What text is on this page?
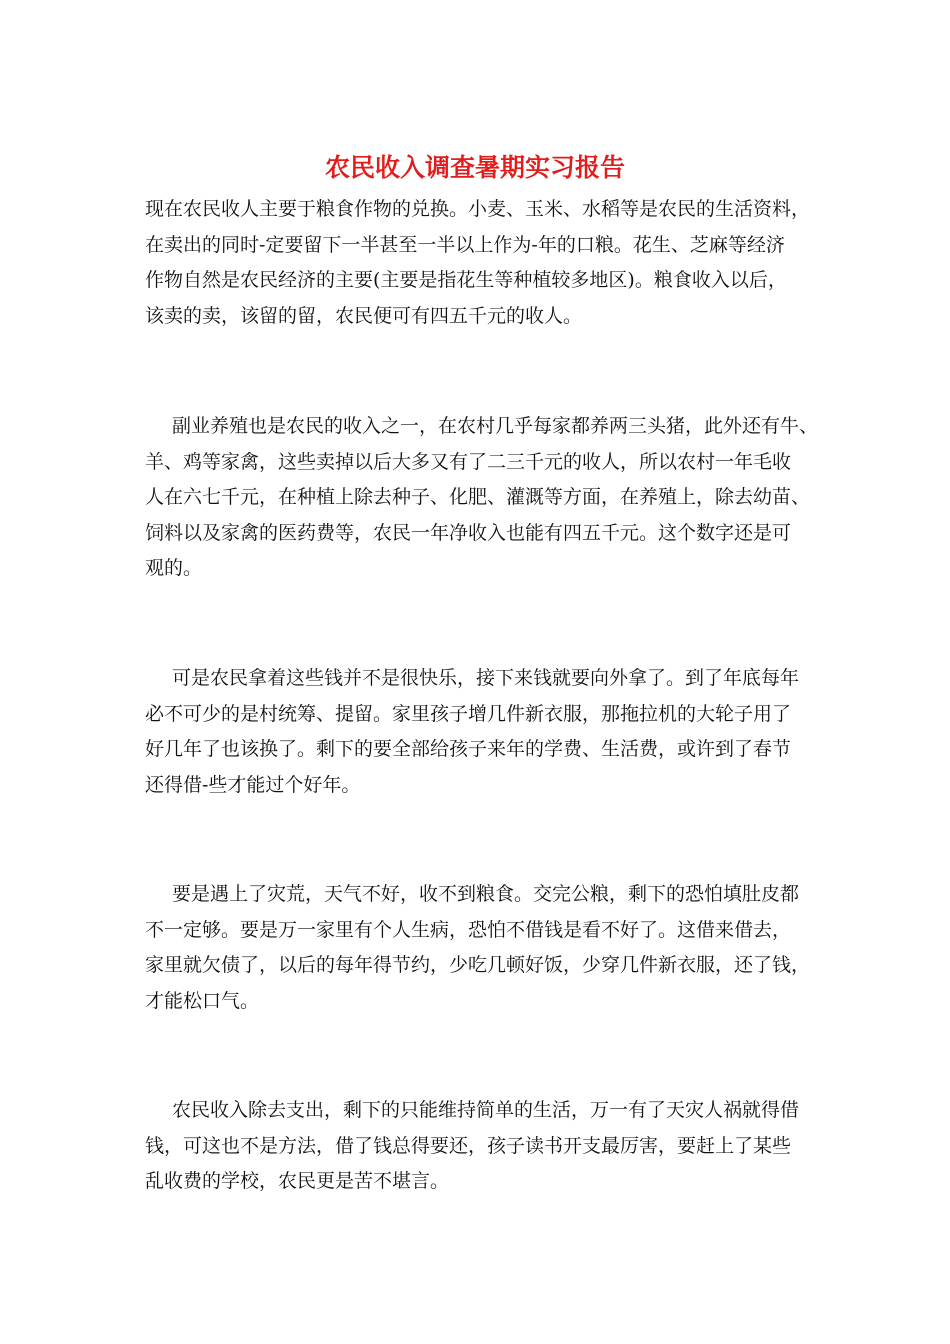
农民收入调查暑期实习报告
现在农民收人主要于粮食作物的兑换。小麦、玉米、水稻等是农民的生活资料，
在卖出的同时-定要留下一半甚至一半以上作为-年的口粮。花生、芝麻等经济
作物自然是农民经济的主要(主要是指花生等种植较多地区)。粮食收入以后，
该卖的卖，该留的留，农民便可有四五千元的收人。
副业养殖也是农民的收入之一，在农村几乎每家都养两三头猪，此外还有牛、
羊、鸡等家禽，这些卖掉以后大多又有了二三千元的收人，所以农村一年毛收
人在六七千元，在种植上除去种子、化肥、灌溉等方面，在养殖上，除去幼苗、
饲料以及家禽的医药费等，农民一年净收入也能有四五千元。这个数字还是可
观的。
可是农民拿着这些钱并不是很快乐，接下来钱就要向外拿了。到了年底每年
必不可少的是村统筹、提留。家里孩子增几件新衣服，那拖拉机的大轮子用了
好几年了也该换了。剩下的要全部给孩子来年的学费、生活费，或许到了春节
还得借-些才能过个好年。
要是遇上了灾荒，天气不好，收不到粮食。交完公粮，剩下的恐怕填肚皮都
不一定够。要是万一家里有个人生病，恐怕不借钱是看不好了。这借来借去，
家里就欠债了，以后的每年得节约，少吃几顿好饭，少穿几件新衣服，还了钱，
才能松口气。
农民收入除去支出，剩下的只能维持简单的生活，万一有了天灾人祸就得借
钱，可这也不是方法，借了钱总得要还，孩子读书开支最厉害，要赶上了某些
乱收费的学校，农民更是苦不堪言。
